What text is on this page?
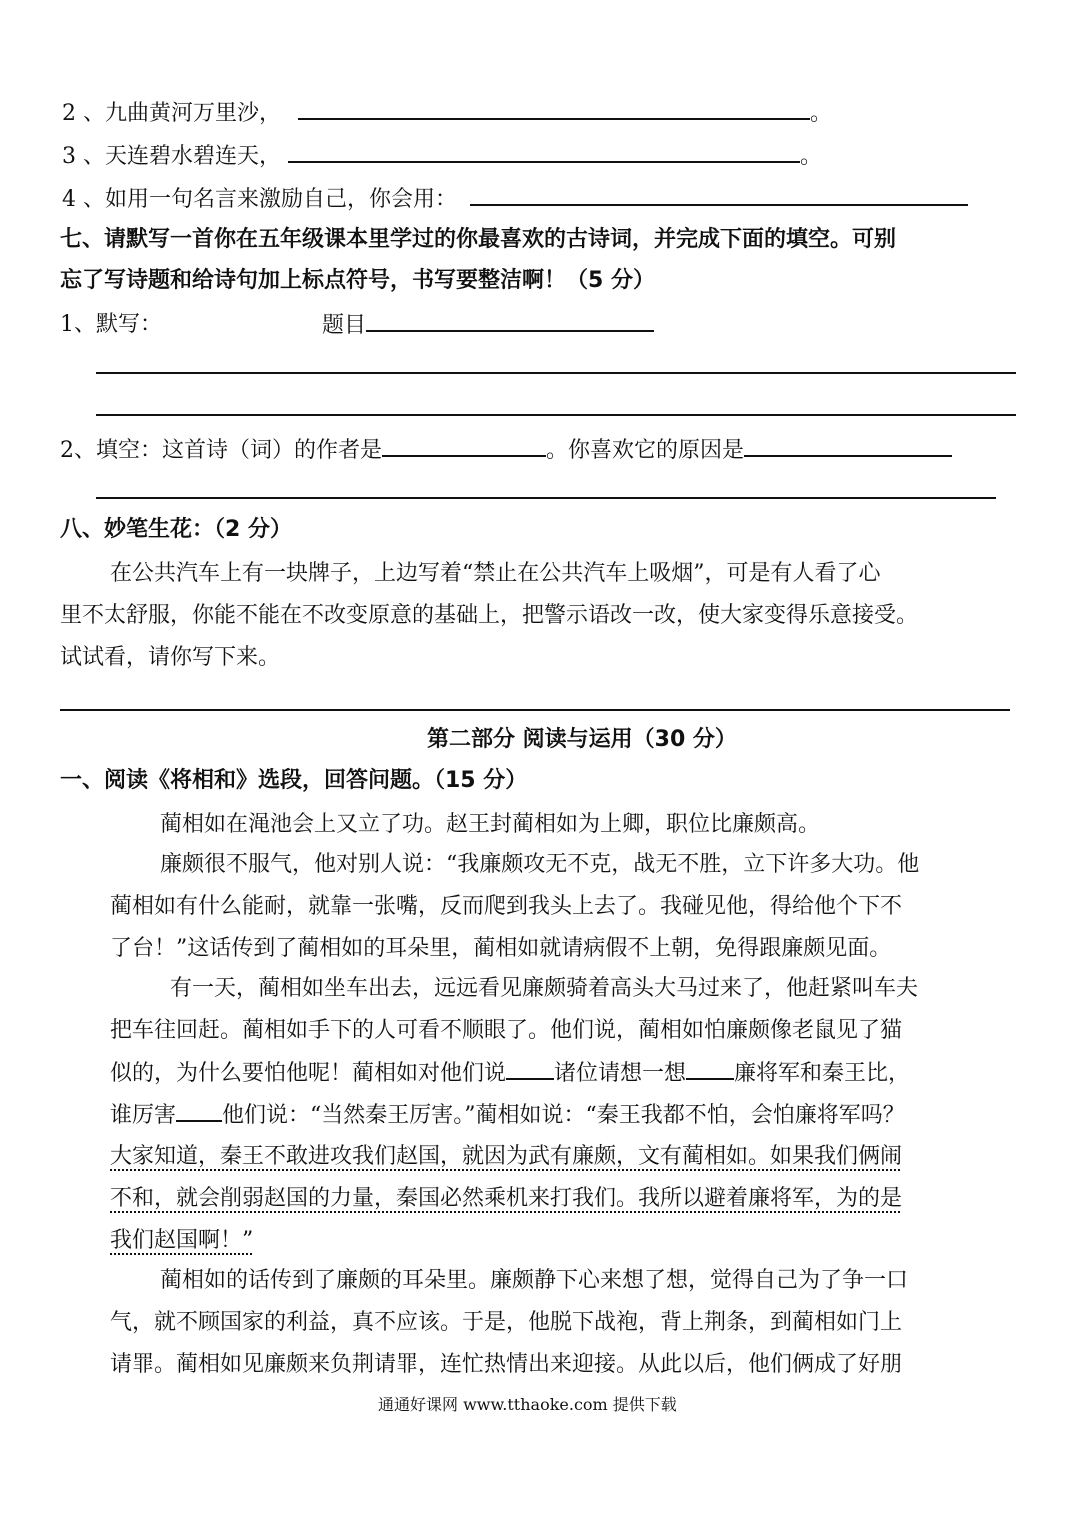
2 、九曲黄河万里沙，	。
3 、天连碧水碧连天，	。
4 、如用一句名言来激励自己，你会用：
七、请默写一首你在五年级课本里学过的你最喜欢的古诗词，并完成下面的填空。可别
忘了写诗题和给诗句加上标点符号，书写要整洁啊！（5 分）
1、默写：	题目
2、填空：这首诗（词）的作者是	。你喜欢它的原因是
八、妙笔生花：（2 分）
在公共汽车上有一块牌子，上边写着“禁止在公共汽车上吸烟”，可是有人看了心
里不太舒服，你能不能在不改变原意的基础上，把警示语改一改，使大家变得乐意接受。
试试看，请你写下来。
第二部分 阅读与运用（30 分）
一、阅读《将相和》选段，回答问题。（15 分）
蔺相如在渑池会上又立了功。赵王封蔺相如为上卿，职位比廉颇高。
廉颇很不服气，他对别人说：“我廉颇攻无不克，战无不胜，立下许多大功。他
蔺相如有什么能耐，就靠一张嘴，反而爬到我头上去了。我碰见他，得给他个下不
了台！”这话传到了蔺相如的耳朵里，蔺相如就请病假不上朝，免得跟廉颇见面。
有一天，蔺相如坐车出去，远远看见廉颇骑着高头大马过来了，他赶紧叫车夫
把车往回赶。蔺相如手下的人可看不顺眼了。他们说，蔺相如怕廉颇像老鼠见了猫
似的，为什么要怕他呢！蔺相如对他们说 诸位请想一想 廉将军和秦王比，
谁厉害 他们说：“当然秦王厉害。”蔺相如说：“秦王我都不怕，会怕廉将军吗？
大家知道，秦王不敢进攻我们赵国，就因为武有廉颇，文有蔺相如。如果我们俩闹
不和，就会削弱赵国的力量，秦国必然乘机来打我们。我所以避着廉将军，为的是
我们赵国啊！”
蔺相如的话传到了廉颇的耳朵里。廉颇静下心来想了想，觉得自己为了争一口
气，就不顾国家的利益，真不应该。于是，他脱下战袍，背上荆条，到蔺相如门上
请罪。蔺相如见廉颇来负荆请罪，连忙热情出来迎接。从此以后，他们俩成了好朋
通通好课网 www.tthaoke.com 提供下载
